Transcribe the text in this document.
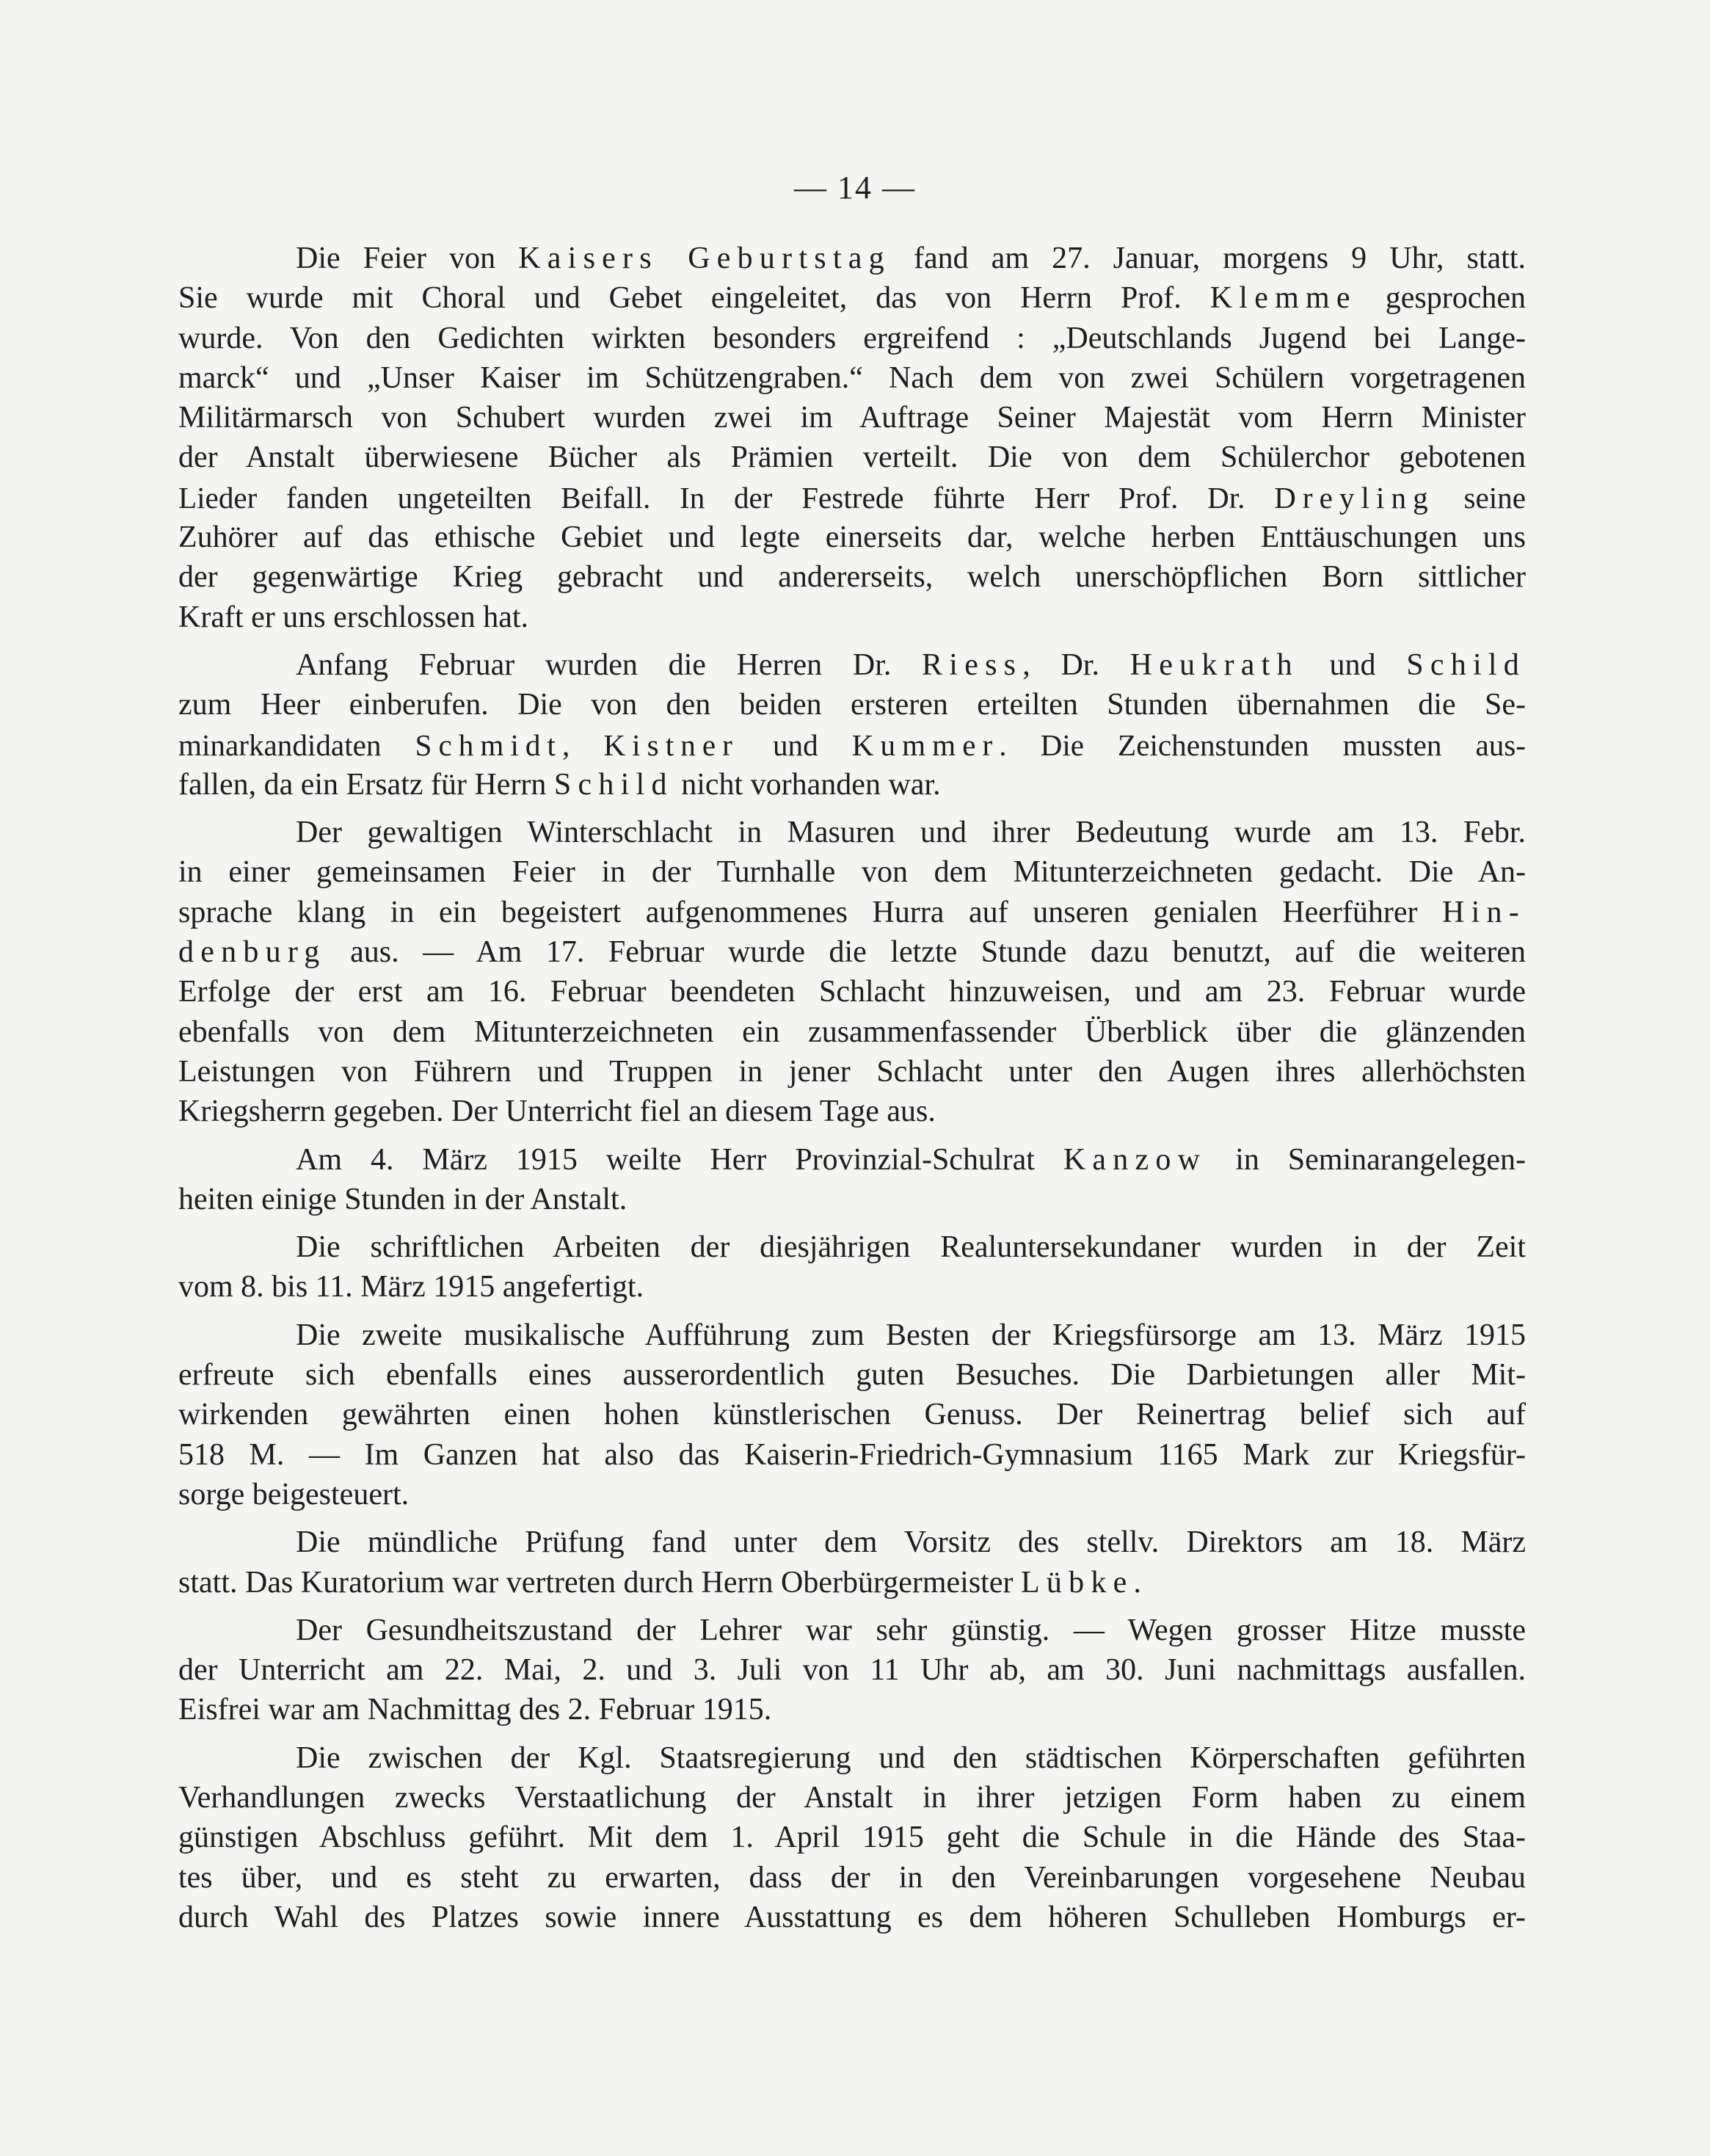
— 14 —
Die Feier von Kaisers Geburtstag fand am 27. Januar, morgens 9 Uhr, statt.
Sie wurde mit Choral und Gebet eingeleitet, das von Herrn Prof. Klemme gesprochen
wurde. Von den Gedichten wirkten besonders ergreifend : „Deutschlands Jugend bei Lange-
marck“ und „Unser Kaiser im Schützengraben.“ Nach dem von zwei Schülern vorgetragenen
Militärmarsch von Schubert wurden zwei im Auftrage Seiner Majestät vom Herrn Minister
der Anstalt überwiesene Bücher als Prämien verteilt. Die von dem Schülerchor gebotenen
Lieder fanden ungeteilten Beifall. In der Festrede führte Herr Prof. Dr. Dreyling seine
Zuhörer auf das ethische Gebiet und legte einerseits dar, welche herben Enttäuschungen uns
der gegenwärtige Krieg gebracht und andererseits, welch unerschöpflichen Born sittlicher
Kraft er uns erschlossen hat.
Anfang Februar wurden die Herren Dr. Riess, Dr. Heukrath und Schild
zum Heer einberufen. Die von den beiden ersteren erteilten Stunden übernahmen die Se-
minarkandidaten Schmidt, Kistner und Kummer. Die Zeichenstunden mussten aus-
fallen, da ein Ersatz für Herrn Schild nicht vorhanden war.
Der gewaltigen Winterschlacht in Masuren und ihrer Bedeutung wurde am 13. Febr.
in einer gemeinsamen Feier in der Turnhalle von dem Mitunterzeichneten gedacht. Die An-
sprache klang in ein begeistert aufgenommenes Hurra auf unseren genialen Heerführer Hin-
denburg aus. — Am 17. Februar wurde die letzte Stunde dazu benutzt, auf die weiteren
Erfolge der erst am 16. Februar beendeten Schlacht hinzuweisen, und am 23. Februar wurde
ebenfalls von dem Mitunterzeichneten ein zusammenfassender Überblick über die glänzenden
Leistungen von Führern und Truppen in jener Schlacht unter den Augen ihres allerhöchsten
Kriegsherrn gegeben. Der Unterricht fiel an diesem Tage aus.
Am 4. März 1915 weilte Herr Provinzial-Schulrat Kanzow in Seminarangelegen-
heiten einige Stunden in der Anstalt.
Die schriftlichen Arbeiten der diesjährigen Realuntersekundaner wurden in der Zeit
vom 8. bis 11. März 1915 angefertigt.
Die zweite musikalische Aufführung zum Besten der Kriegsfürsorge am 13. März 1915
erfreute sich ebenfalls eines ausserordentlich guten Besuches. Die Darbietungen aller Mit-
wirkenden gewährten einen hohen künstlerischen Genuss. Der Reinertrag belief sich auf
518 M. — Im Ganzen hat also das Kaiserin-Friedrich-Gymnasium 1165 Mark zur Kriegsfür-
sorge beigesteuert.
Die mündliche Prüfung fand unter dem Vorsitz des stellv. Direktors am 18. März
statt. Das Kuratorium war vertreten durch Herrn Oberbürgermeister Lübke.
Der Gesundheitszustand der Lehrer war sehr günstig. — Wegen grosser Hitze musste
der Unterricht am 22. Mai, 2. und 3. Juli von 11 Uhr ab, am 30. Juni nachmittags ausfallen.
Eisfrei war am Nachmittag des 2. Februar 1915.
Die zwischen der Kgl. Staatsregierung und den städtischen Körperschaften geführten
Verhandlungen zwecks Verstaatlichung der Anstalt in ihrer jetzigen Form haben zu einem
günstigen Abschluss geführt. Mit dem 1. April 1915 geht die Schule in die Hände des Staa-
tes über, und es steht zu erwarten, dass der in den Vereinbarungen vorgesehene Neubau
durch Wahl des Platzes sowie innere Ausstattung es dem höheren Schulleben Homburgs er-
